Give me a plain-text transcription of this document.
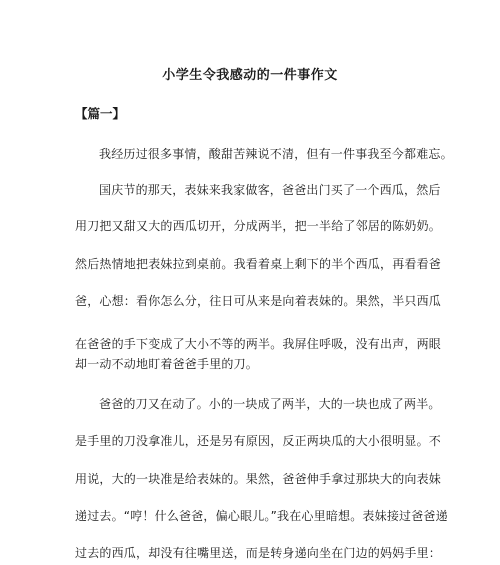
小学生令我感动的一件事作文
【篇一】
我经历过很多事情，酸甜苦辣说不清，但有一件事我至今都难忘。
国庆节的那天，表妹来我家做客，爸爸出门买了一个西瓜，然后
用刀把又甜又大的西瓜切开，分成两半，把一半给了邻居的陈奶奶。
然后热情地把表妹拉到桌前。我看着桌上剩下的半个西瓜，再看看爸
爸，心想：看你怎么分，往日可从来是向着表妹的。果然，半只西瓜
在爸爸的手下变成了大小不等的两半。我屏住呼吸，没有出声，两眼
却一动不动地盯着爸爸手里的刀。
爸爸的刀又在动了。小的一块成了两半，大的一块也成了两半。
是手里的刀没拿准儿，还是另有原因，反正两块瓜的大小很明显。不
用说，大的一块准是给表妹的。果然，爸爸伸手拿过那块大的向表妹
递过去。“哼！什么爸爸，偏心眼儿。”我在心里暗想。表妹接过爸爸递
过去的西瓜，却没有往嘴里送，而是转身递向坐在门边的妈妈手里：
